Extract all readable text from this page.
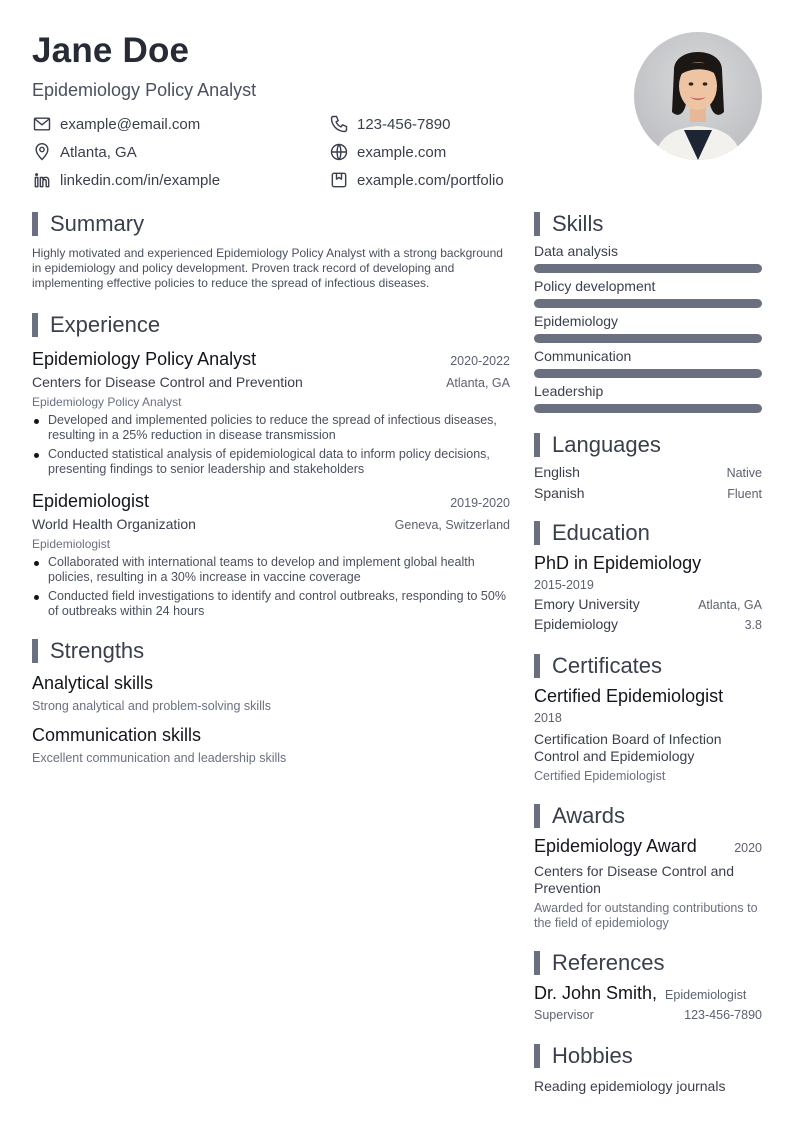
Jane Doe
Epidemiology Policy Analyst
example@email.com	123-456-7890
Atlanta, GA	example.com
linkedin.com/in/example	example.com/portfolio
Summary

Highly motivated and experienced Epidemiology Policy Analyst with a strong background in epidemiology and policy development. Proven track record of developing and implementing effective policies to reduce the spread of infectious diseases.

Experience
Epidemiology Policy Analyst	2020-2022
Centers for Disease Control and Prevention	Atlanta, GA
Epidemiology Policy Analyst
Developed and implemented policies to reduce the spread of infectious diseases, resulting in a 25% reduction in disease transmission
Conducted statistical analysis of epidemiological data to inform policy decisions, presenting findings to senior leadership and stakeholders
Epidemiologist	2019-2020
World Health Organization	Geneva, Switzerland
Epidemiologist
Collaborated with international teams to develop and implement global health policies, resulting in a 30% increase in vaccine coverage
Conducted field investigations to identify and control outbreaks, responding to 50% of outbreaks within 24 hours
Strengths
Analytical skills
Strong analytical and problem-solving skills
Communication skills
Excellent communication and leadership skills
Skills
Data analysis
Policy development
Epidemiology
Communication
Leadership
Languages
English	Native
Spanish	Fluent
Education
PhD in Epidemiology
2015-2019
Emory University	Atlanta, GA
Epidemiology	3.8
Certificates
Certified Epidemiologist
2018
Certification Board of Infection Control and Epidemiology
Certified Epidemiologist
Awards
Epidemiology Award	2020
Centers for Disease Control and Prevention
Awarded for outstanding contributions to the field of epidemiology
References
Dr. John Smith, Epidemiologist
Supervisor	123-456-7890
Hobbies
Reading epidemiology journals
